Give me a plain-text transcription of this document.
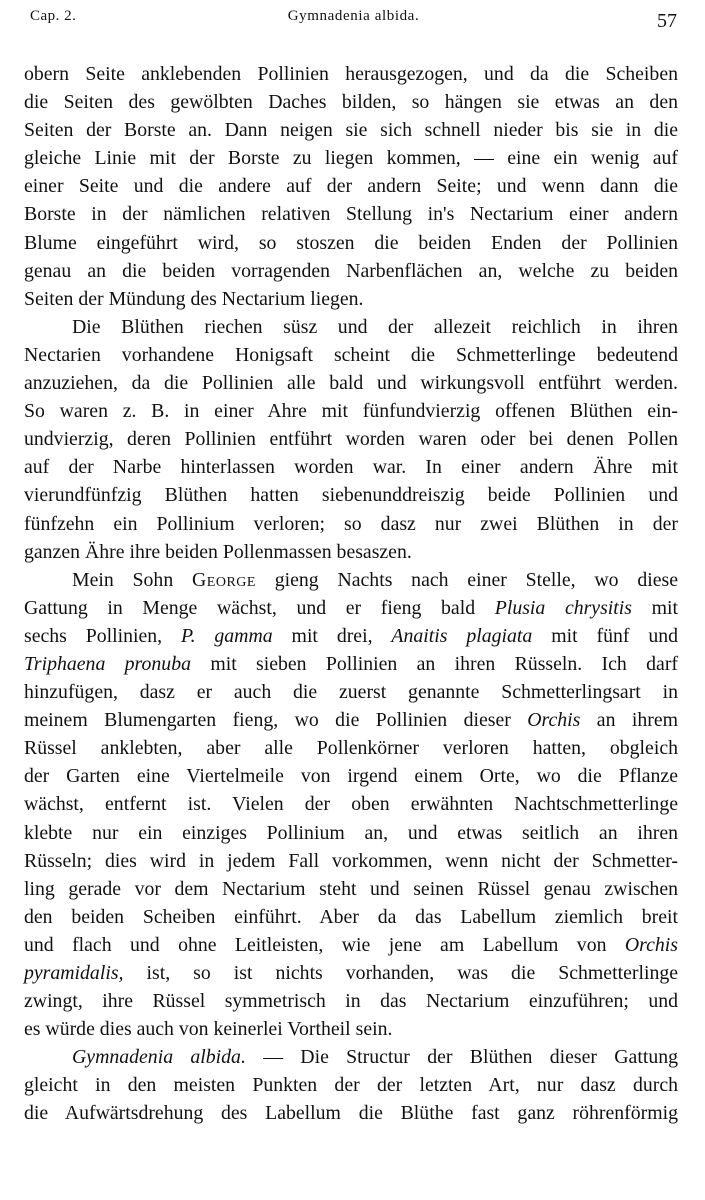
Cap. 2.	Gymnadenia albida.	57
obern Seite anklebenden Pollinien herausgezogen, und da die Scheiben
die Seiten des gewölbten Daches bilden, so hängen sie etwas an den
Seiten der Borste an. Dann neigen sie sich schnell nieder bis sie in die
gleiche Linie mit der Borste zu liegen kommen, — eine ein wenig auf
einer Seite und die andere auf der andern Seite; und wenn dann die
Borste in der nämlichen relativen Stellung in's Nectarium einer andern
Blume eingeführt wird, so stoszen die beiden Enden der Pollinien
genau an die beiden vorragenden Narbenflächen an, welche zu beiden
Seiten der Mündung des Nectarium liegen.
Die Blüthen riechen süsz und der allezeit reichlich in ihren
Nectarien vorhandene Honigsaft scheint die Schmetterlinge bedeutend
anzuziehen, da die Pollinien alle bald und wirkungsvoll entführt werden.
So waren z. B. in einer Ahre mit fünfundvierzig offenen Blüthen ein-
undvierzig, deren Pollinien entführt worden waren oder bei denen Pollen
auf der Narbe hinterlassen worden war. In einer andern Ähre mit
vierundfünfzig Blüthen hatten siebenunddreiszig beide Pollinien und
fünfzehn ein Pollinium verloren; so dasz nur zwei Blüthen in der
ganzen Ähre ihre beiden Pollenmassen besaszen.
Mein Sohn George gieng Nachts nach einer Stelle, wo diese
Gattung in Menge wächst, und er fieng bald Plusia chrysitis mit
sechs Pollinien, P. gamma mit drei, Anaitis plagiata mit fünf und
Triphaena pronuba mit sieben Pollinien an ihren Rüsseln. Ich darf
hinzufügen, dasz er auch die zuerst genannte Schmetterlingsart in
meinem Blumengarten fieng, wo die Pollinien dieser Orchis an ihrem
Rüssel anklebten, aber alle Pollenkörner verloren hatten, obgleich
der Garten eine Viertelmeile von irgend einem Orte, wo die Pflanze
wächst, entfernt ist. Vielen der oben erwähnten Nachtschmetterlinge
klebte nur ein einziges Pollinium an, und etwas seitlich an ihren
Rüsseln; dies wird in jedem Fall vorkommen, wenn nicht der Schmetter-
ling gerade vor dem Nectarium steht und seinen Rüssel genau zwischen
den beiden Scheiben einführt. Aber da das Labellum ziemlich breit
und flach und ohne Leitleisten, wie jene am Labellum von Orchis
pyramidalis, ist, so ist nichts vorhanden, was die Schmetterlinge
zwingt, ihre Rüssel symmetrisch in das Nectarium einzuführen; und
es würde dies auch von keinerlei Vortheil sein.
Gymnadenia albida. — Die Structur der Blüthen dieser Gattung
gleicht in den meisten Punkten der der letzten Art, nur dasz durch
die Aufwärtsdrehung des Labellum die Blüthe fast ganz röhrenförmig
